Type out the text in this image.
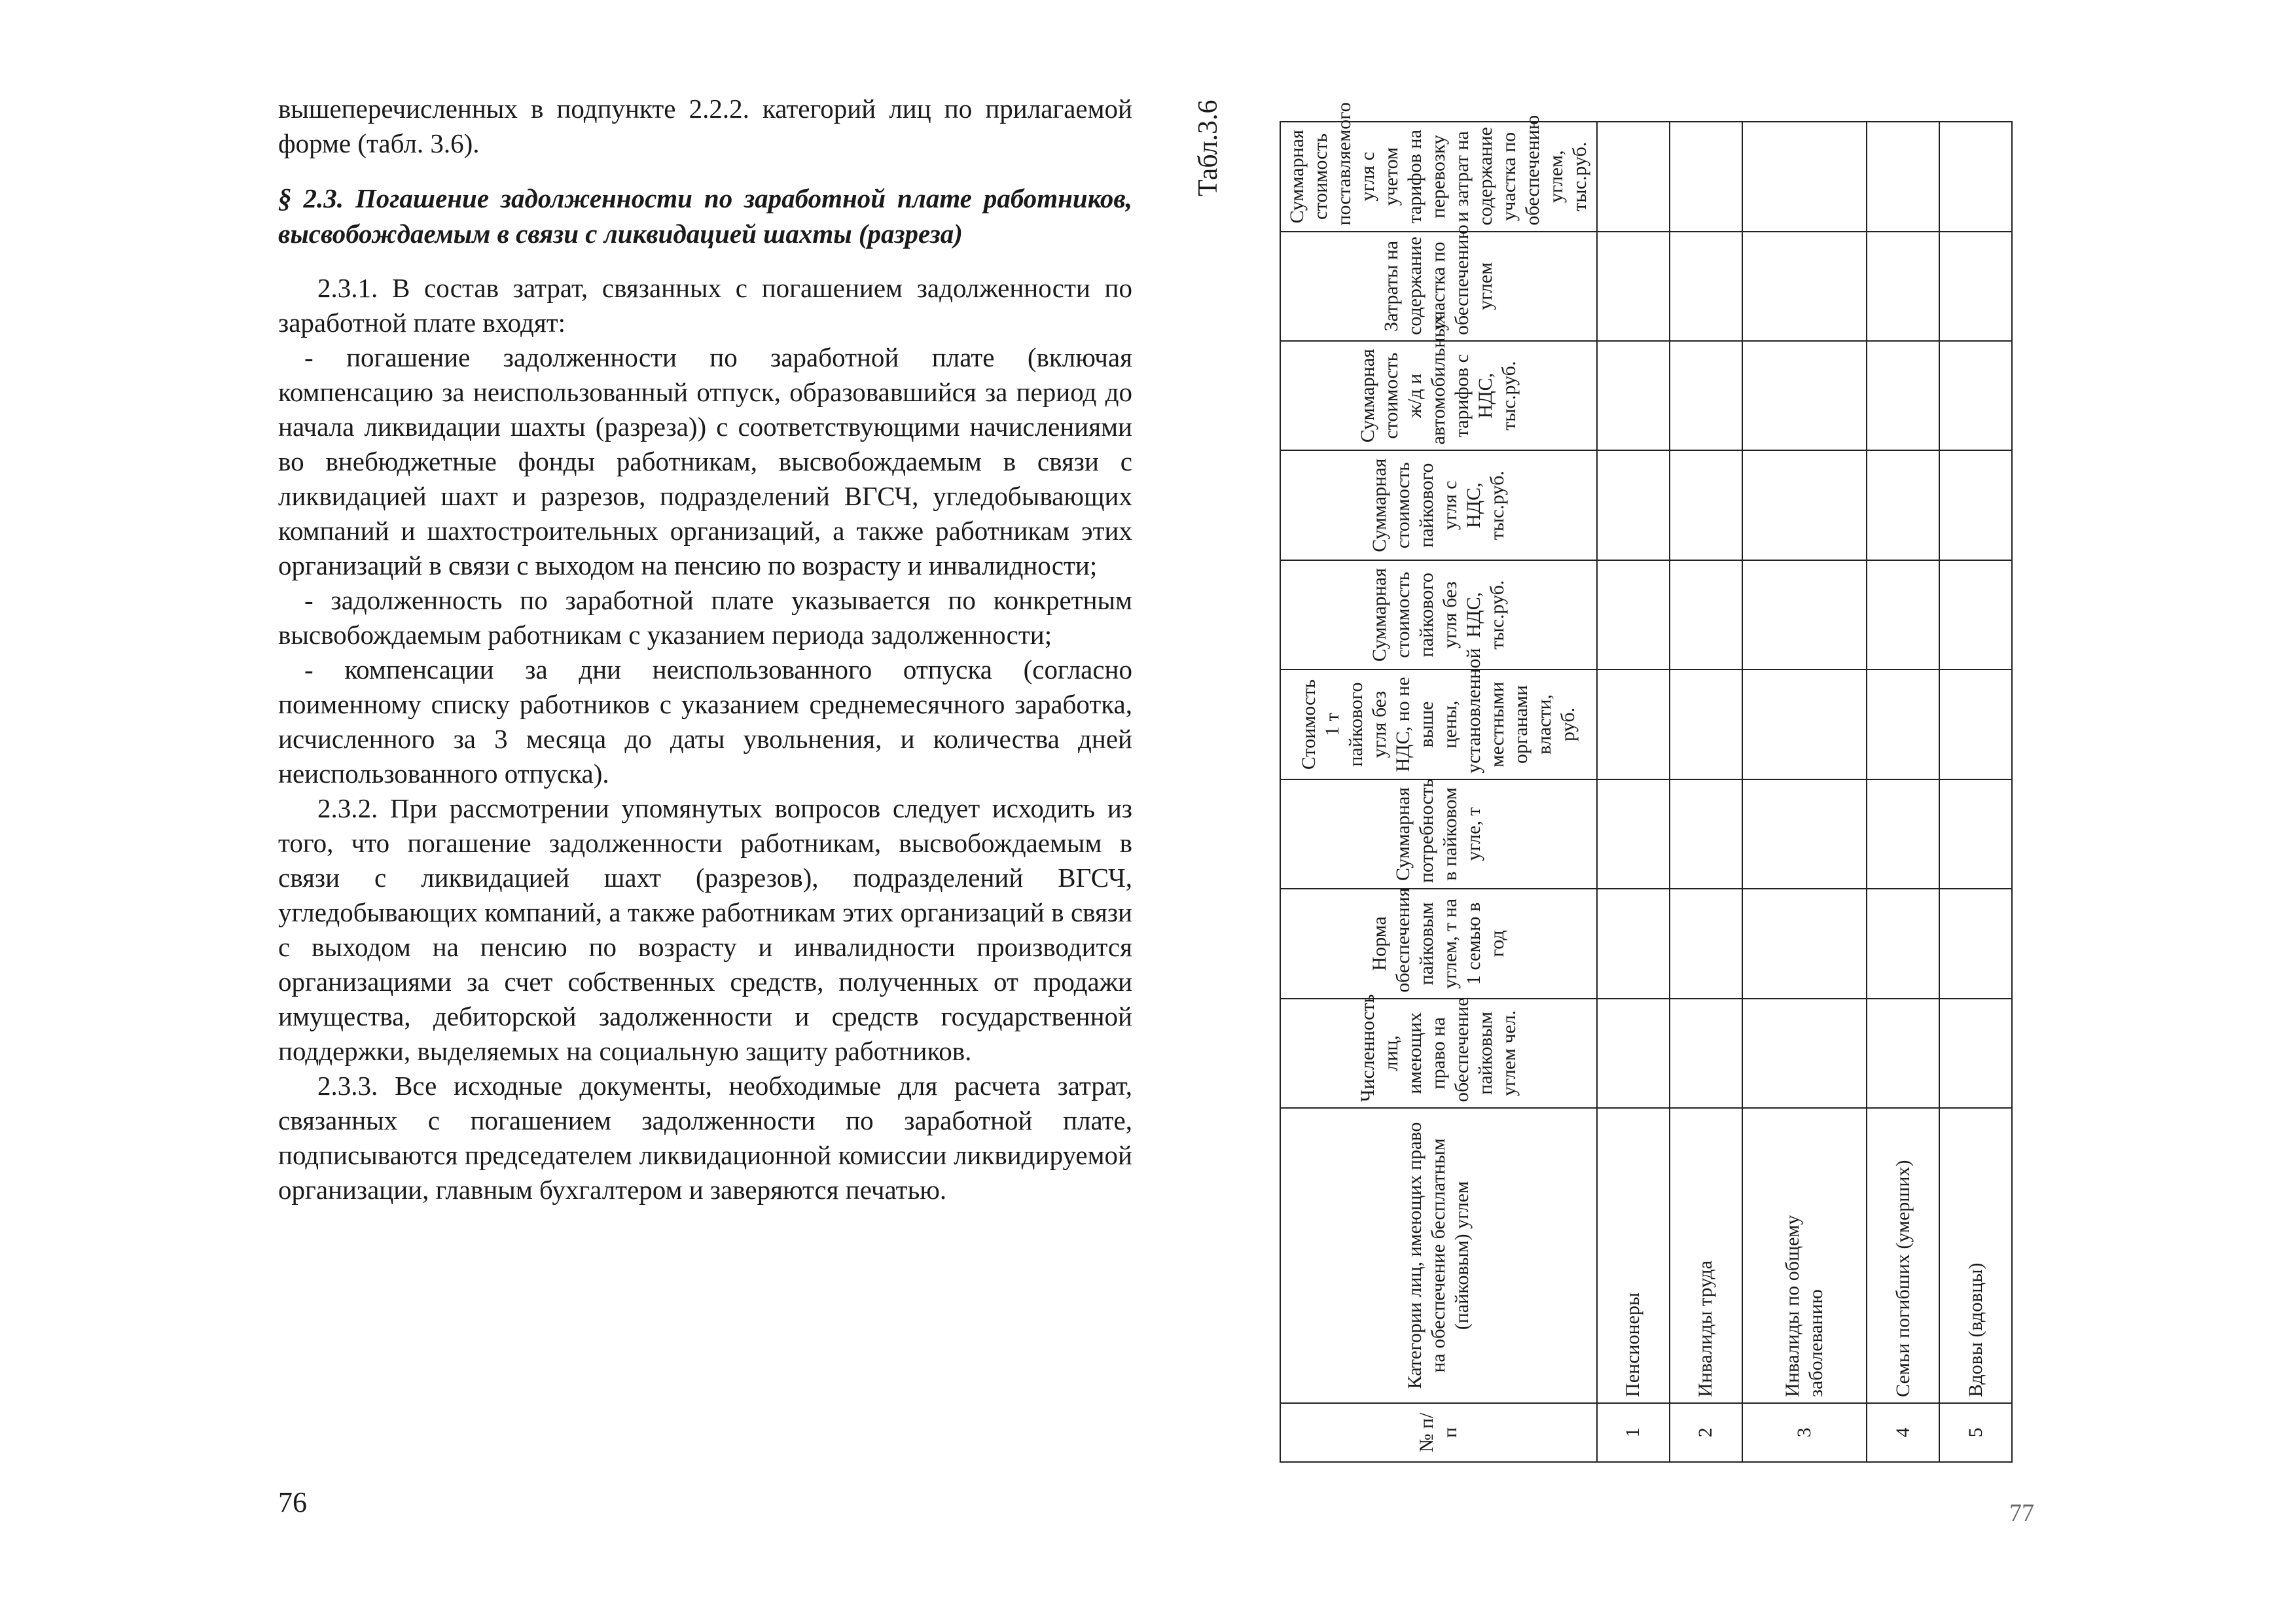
вышеперечисленных в подпункте 2.2.2. категорий лиц по прилагаемой форме (табл. 3.6).

§ 2.3. Погашение задолженности по заработной плате работников, высвобождаемым в связи с ликвидацией шахты (разреза)

2.3.1. В состав затрат, связанных с погашением задолженности по заработной плате входят:

- погашение задолженности по заработной плате (включая компенсацию за неиспользованный отпуск, образовавшийся за период до начала ликвидации шахты (разреза)) с соответствующими начислениями во внебюджетные фонды работникам, высвобождаемым в связи с ликвидацией шахт и разрезов, подразделений ВГСЧ, угледобывающих компаний и шахтостроительных организаций, а также работникам этих организаций в связи с выходом на пенсию по возрасту и инвалидности;

- задолженность по заработной плате указывается по конкретным высвобождаемым работникам с указанием периода задолженности;

- компенсации за дни неиспользованного отпуска (согласно поименному списку работников с указанием среднемесячного заработка, исчисленного за 3 месяца до даты увольнения, и количества дней неиспользованного отпуска).

2.3.2. При рассмотрении упомянутых вопросов следует исходить из того, что погашение задолженности работникам, высвобождаемым в связи с ликвидацией шахт (разрезов), подразделений ВГСЧ, угледобывающих компаний, а также работникам этих организаций в связи с выходом на пенсию по возрасту и инвалидности производится организациями за счет собственных средств, полученных от продажи имущества, дебиторской задолженности и средств государственной поддержки, выделяемых на социальную защиту работников.

2.3.3. Все исходные документы, необходимые для расчета затрат, связанных с погашением задолженности по заработной плате, подписываются председателем ликвидационной комиссии ликвидируемой организации, главным бухгалтером и заверяются печатью.

76
Табл.3.6
№ п/п	Категории лиц, имеющих право на обеспечение бесплатным (пайковым) углем	Численность лиц, имеющих право на обеспечение пайковым углем чел.	Норма обеспечения пайковым углем, т на 1 семью в год	Суммарная потребность в пайковом угле, т	Стоимость 1 т пайкового угля без НДС, но не выше цены, установленной местными органами власти, руб.	Суммарная стоимость пайкового угля без НДС, тыс.руб.	Суммарная стоимость пайкового угля с НДС, тыс.руб.	Суммарная стоимость ж/д и автомобильных тарифов с НДС, тыс.руб.	Затраты на содержание участка по обеспечению углем	Суммарная стоимость поставляемого угля с учетом тарифов на перевозку и затрат на содержание участка по обеспечению углем, тыс.руб.
1	Пенсионеры									
2	Инвалиды труда									
3	Инвалиды по общему заболеванию									
4	Семьи погибших (умерших)									
5	Вдовы (вдовцы)									
77
